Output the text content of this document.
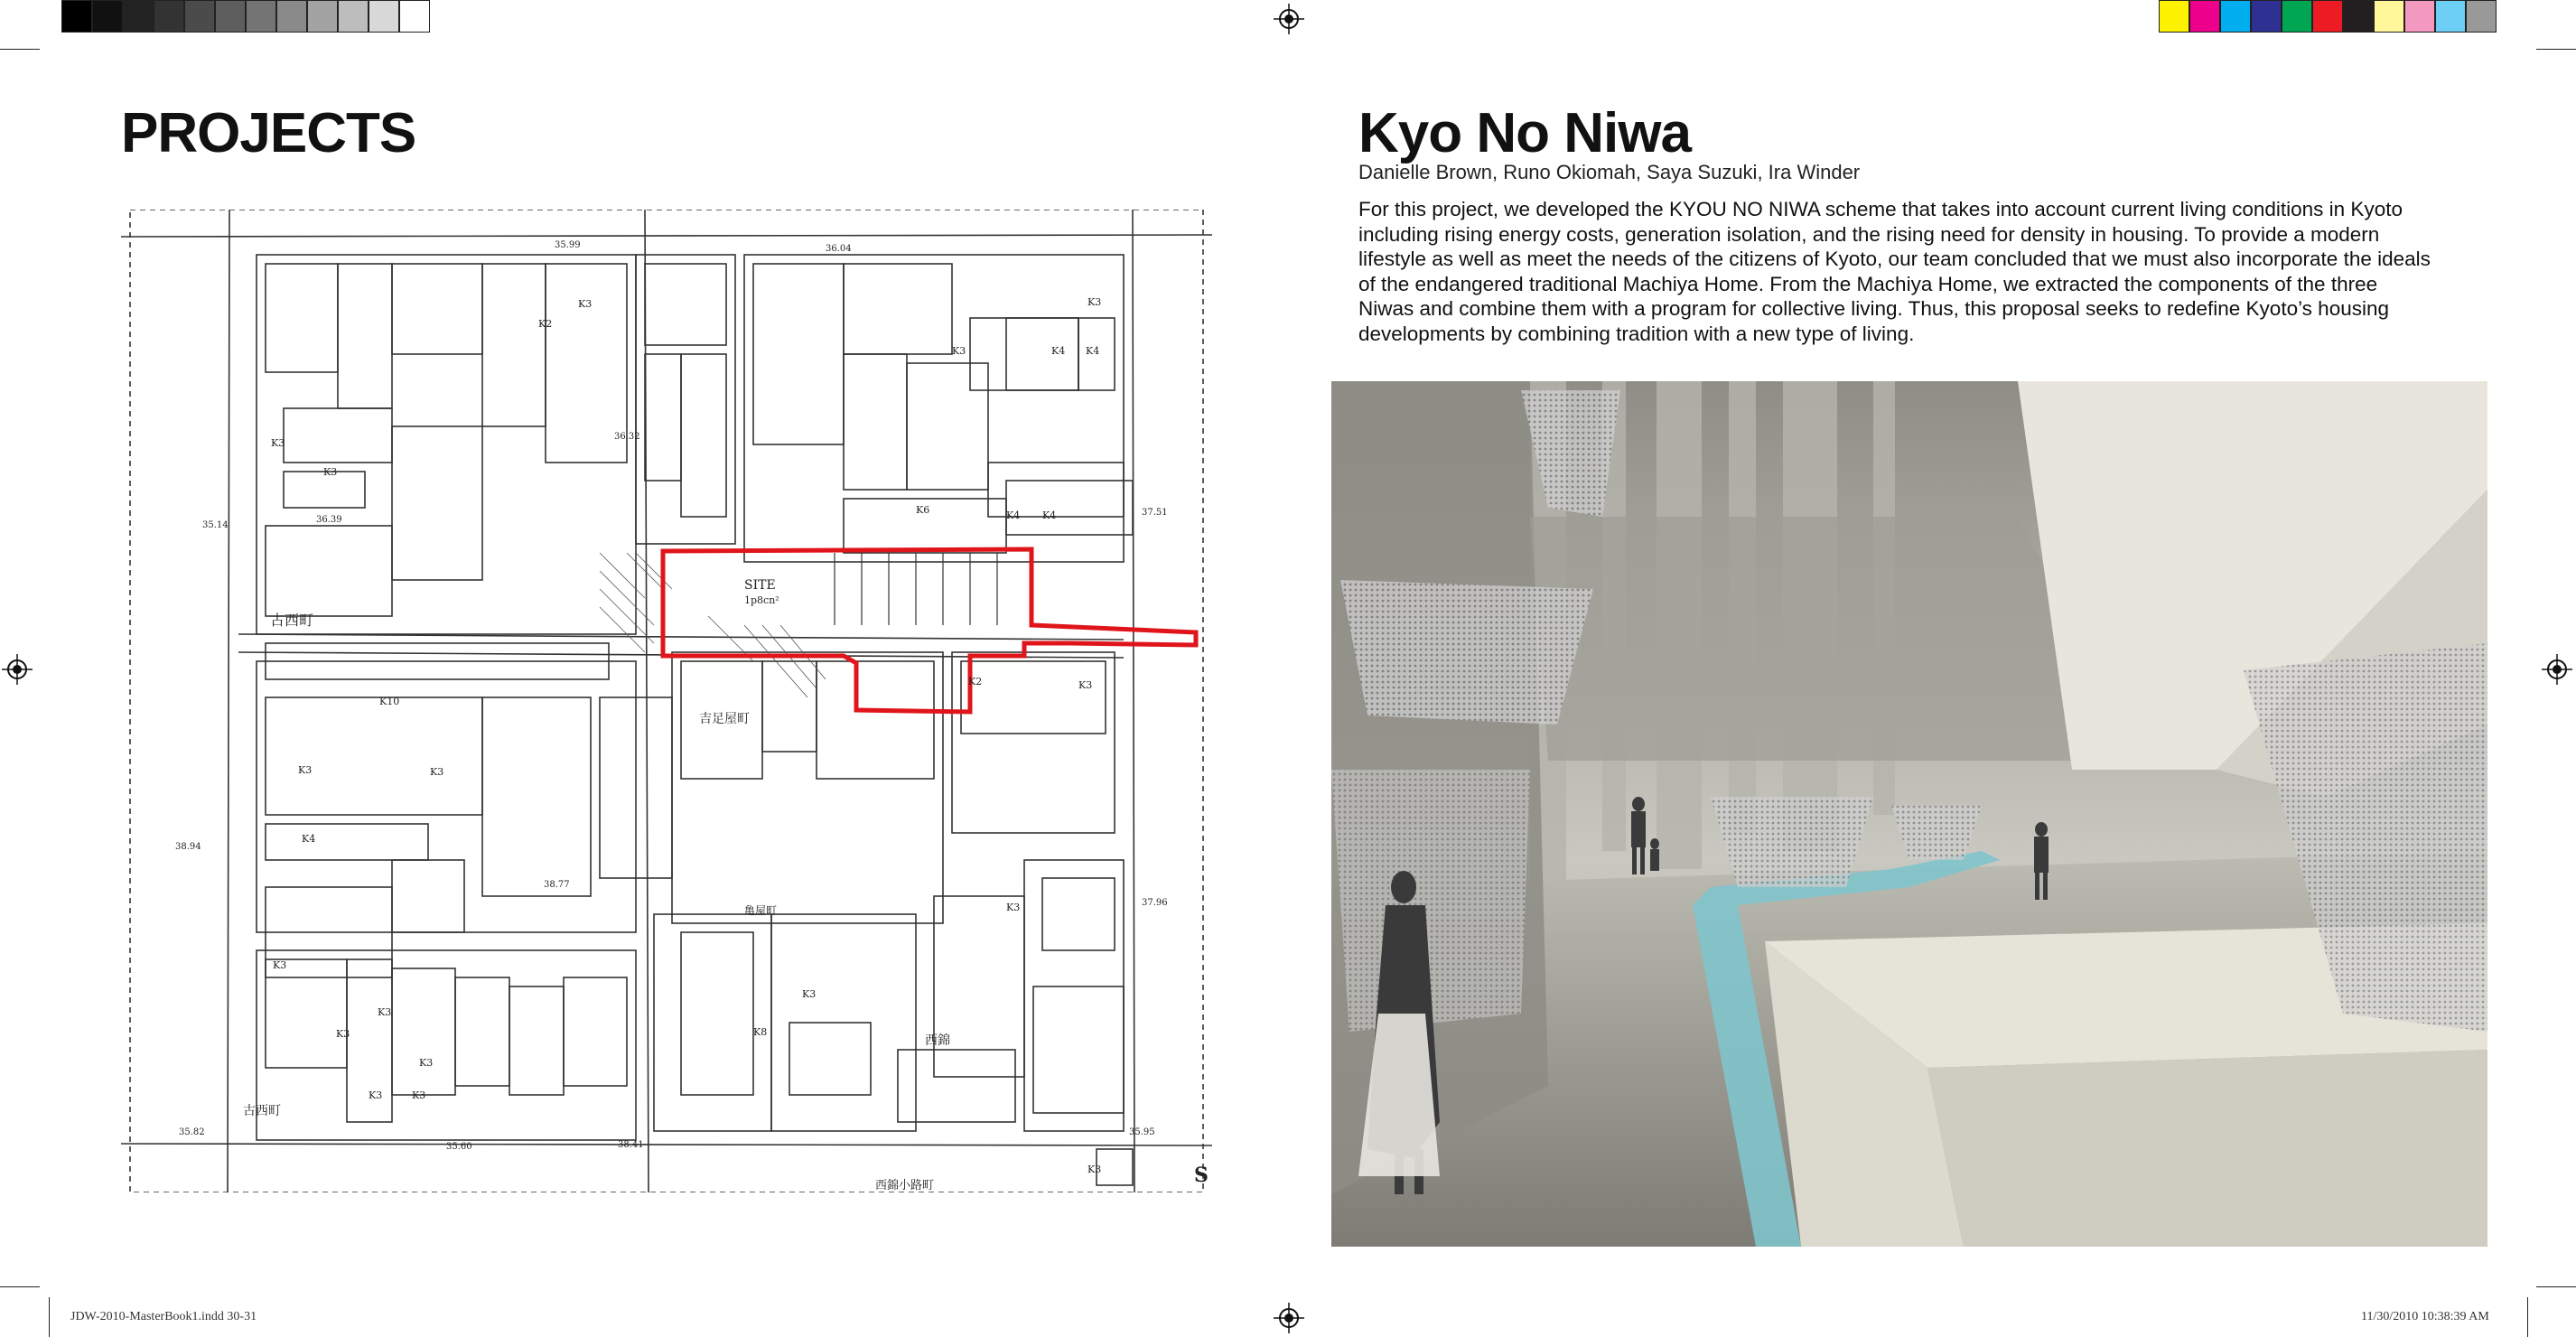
PROJECTS
SITE
1p8cn²
古西町
古西町
西錦小路町
西錦
亀屋町
吉足屋町
K3
K2
K3
K3
K3
K4 K4
K6	K4 K4
K10
K3	K3
K3
K4
K2	K3
K3
K3
K3
K3
K3
K3	K3
K8
K3
K3
35.14
36.04
36.39
35.99
36.32
37.51
38.77
38.94
37.96
35.82
35.60	38.41
35.95
S
Kyo No Niwa
Danielle Brown, Runo Okiomah, Saya Suzuki, Ira Winder
For this project, we developed the KYOU NO NIWA scheme that takes into account current living conditions in Kyoto
including rising energy costs, generation isolation, and the rising need for density in housing. To provide a modern
lifestyle as well as meet the needs of the citizens of Kyoto, our team concluded that we must also incorporate the ideals
of the endangered traditional Machiya Home. From the Machiya Home, we extracted the components of the three
Niwas and combine them with a program for collective living. Thus, this proposal seeks to redefine Kyoto’s housing
developments by combining tradition with a new type of living.
JDW-2010-MasterBook1.indd 30-31	11/30/2010 10:38:39 AM
